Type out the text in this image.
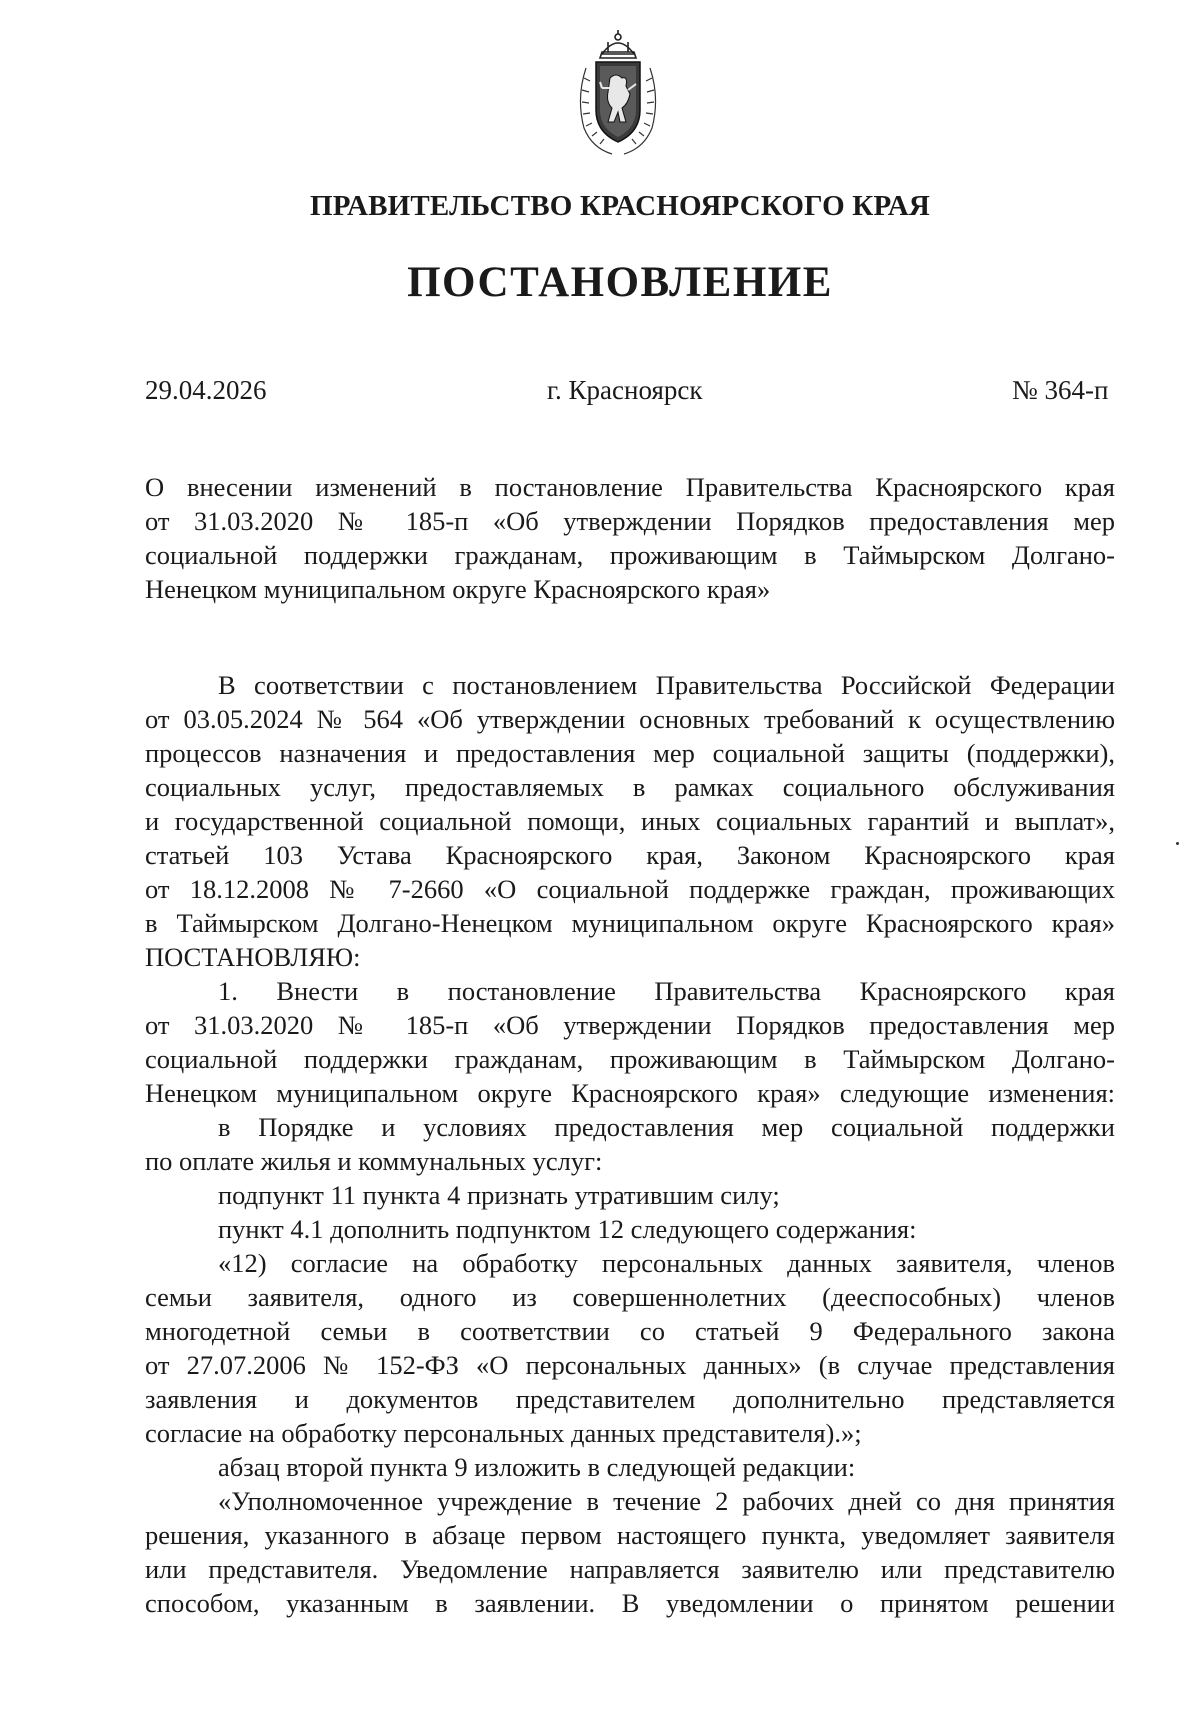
ПРАВИТЕЛЬСТВО КРАСНОЯРСКОГО КРАЯ
ПОСТАНОВЛЕНИЕ
29.04.2026	г. Красноярск	№ 364-п

О внесении изменений в постановление Правительства Красноярского края

от 31.03.2020 № 185-п «Об утверждении Порядков предоставления мер

социальной поддержки гражданам, проживающим в Таймырском Долгано-

Ненецком муниципальном округе Красноярского края»

В соответствии с постановлением Правительства Российской Федерации

от 03.05.2024 № 564 «Об утверждении основных требований к осуществлению

процессов назначения и предоставления мер социальной защиты (поддержки),

социальных услуг, предоставляемых в рамках социального обслуживания

и государственной социальной помощи, иных социальных гарантий и выплат»,

статьей 103 Устава Красноярского края, Законом Красноярского края

от 18.12.2008 № 7-2660 «О социальной поддержке граждан, проживающих

в Таймырском Долгано-Ненецком муниципальном округе Красноярского края»

ПОСТАНОВЛЯЮ:

1. Внести в постановление Правительства Красноярского края

от 31.03.2020 № 185-п «Об утверждении Порядков предоставления мер

социальной поддержки гражданам, проживающим в Таймырском Долгано-

Ненецком муниципальном округе Красноярского края» следующие изменения:

в Порядке и условиях предоставления мер социальной поддержки

по оплате жилья и коммунальных услуг:

подпункт 11 пункта 4 признать утратившим силу;

пункт 4.1 дополнить подпунктом 12 следующего содержания:

«12) согласие на обработку персональных данных заявителя, членов

семьи заявителя, одного из совершеннолетних (дееспособных) членов

многодетной семьи в соответствии со статьей 9 Федерального закона

от 27.07.2006 № 152-ФЗ «О персональных данных» (в случае представления

заявления и документов представителем дополнительно представляется

согласие на обработку персональных данных представителя).»;

абзац второй пункта 9 изложить в следующей редакции:

«Уполномоченное учреждение в течение 2 рабочих дней со дня принятия

решения, указанного в абзаце первом настоящего пункта, уведомляет заявителя

или представителя. Уведомление направляется заявителю или представителю

способом, указанным в заявлении. В уведомлении о принятом решении
